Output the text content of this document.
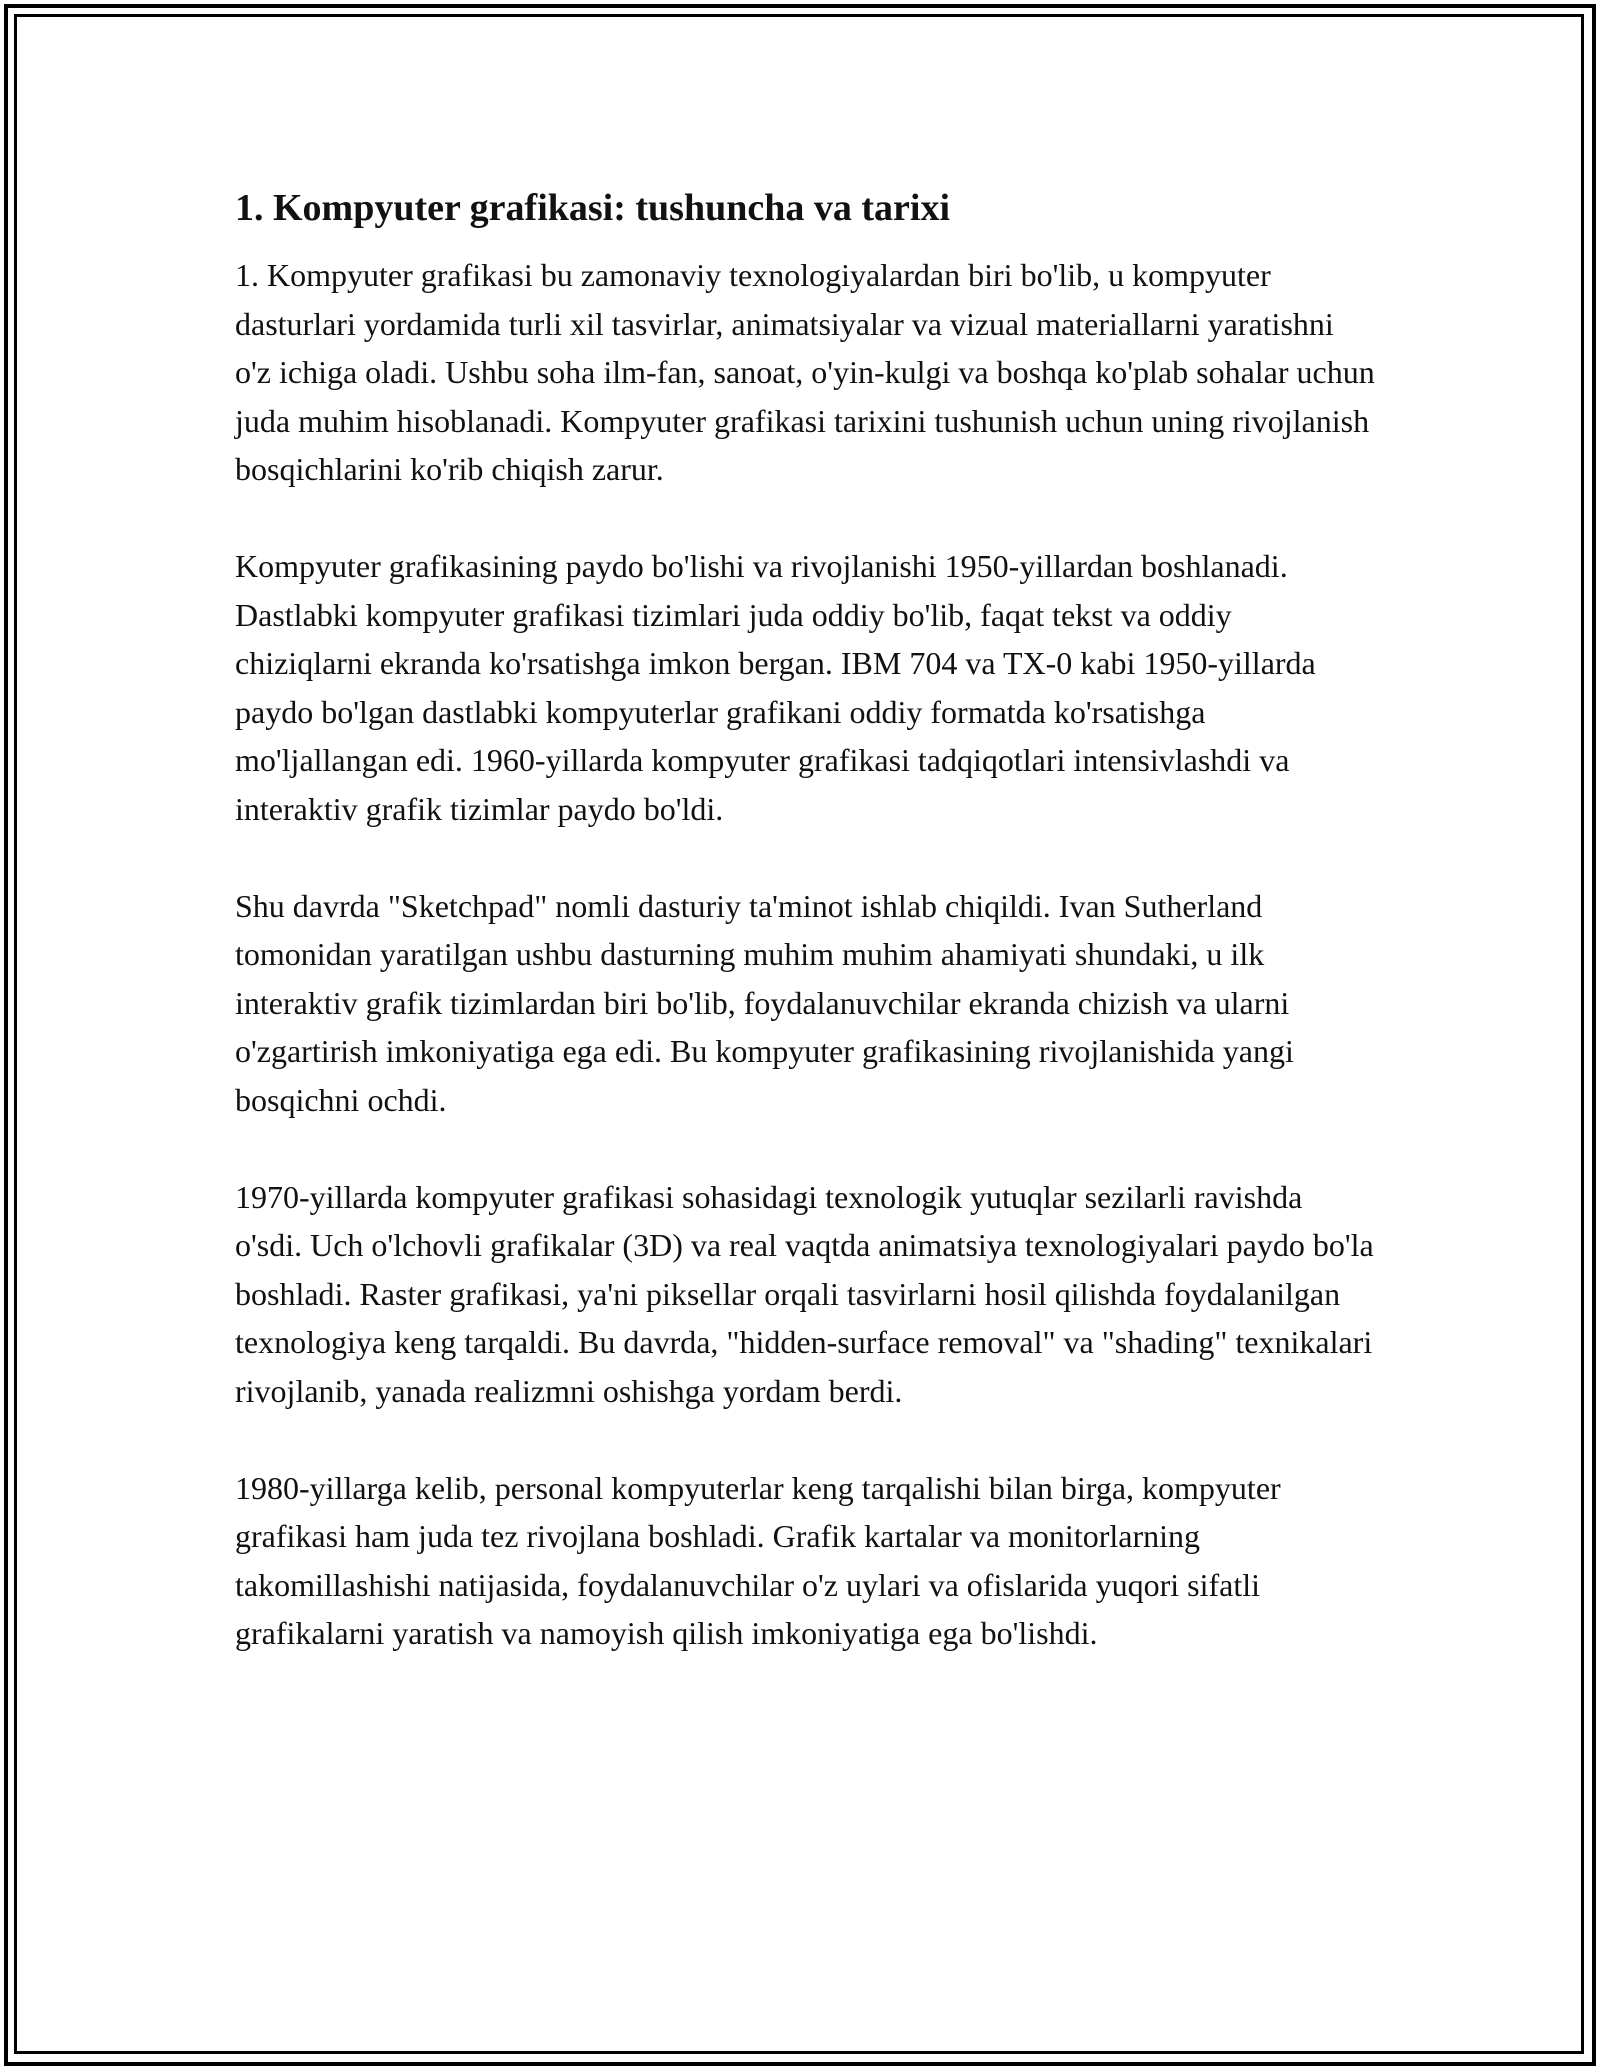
1. Kompyuter grafikasi: tushuncha va tarixi

1. Kompyuter grafikasi bu zamonaviy texnologiyalardan biri bo'lib, u kompyuter dasturlari yordamida turli xil tasvirlar, animatsiyalar va vizual materiallarni yaratishni o'z ichiga oladi. Ushbu soha ilm-fan, sanoat, o'yin-kulgi va boshqa ko'plab sohalar uchun juda muhim hisoblanadi. Kompyuter grafikasi tarixini tushunish uchun uning rivojlanish bosqichlarini ko'rib chiqish zarur.

Kompyuter grafikasining paydo bo'lishi va rivojlanishi 1950-yillardan boshlanadi. Dastlabki kompyuter grafikasi tizimlari juda oddiy bo'lib, faqat tekst va oddiy chiziqlarni ekranda ko'rsatishga imkon bergan. IBM 704 va TX-0 kabi 1950-yillarda paydo bo'lgan dastlabki kompyuterlar grafikani oddiy formatda ko'rsatishga mo'ljallangan edi. 1960-yillarda kompyuter grafikasi tadqiqotlari intensivlashdi va interaktiv grafik tizimlar paydo bo'ldi.

Shu davrda "Sketchpad" nomli dasturiy ta'minot ishlab chiqildi. Ivan Sutherland tomonidan yaratilgan ushbu dasturning muhim muhim ahamiyati shundaki, u ilk interaktiv grafik tizimlardan biri bo'lib, foydalanuvchilar ekranda chizish va ularni o'zgartirish imkoniyatiga ega edi. Bu kompyuter grafikasining rivojlanishida yangi bosqichni ochdi.

1970-yillarda kompyuter grafikasi sohasidagi texnologik yutuqlar sezilarli ravishda o'sdi. Uch o'lchovli grafikalar (3D) va real vaqtda animatsiya texnologiyalari paydo bo'la boshladi. Raster grafikasi, ya'ni piksellar orqali tasvirlarni hosil qilishda foydalanilgan texnologiya keng tarqaldi. Bu davrda, "hidden-surface removal" va "shading" texnikalari rivojlanib, yanada realizmni oshishga yordam berdi.

1980-yillarga kelib, personal kompyuterlar keng tarqalishi bilan birga, kompyuter grafikasi ham juda tez rivojlana boshladi. Grafik kartalar va monitorlarning takomillashishi natijasida, foydalanuvchilar o'z uylari va ofislarida yuqori sifatli grafikalarni yaratish va namoyish qilish imkoniyatiga ega bo'lishdi.
